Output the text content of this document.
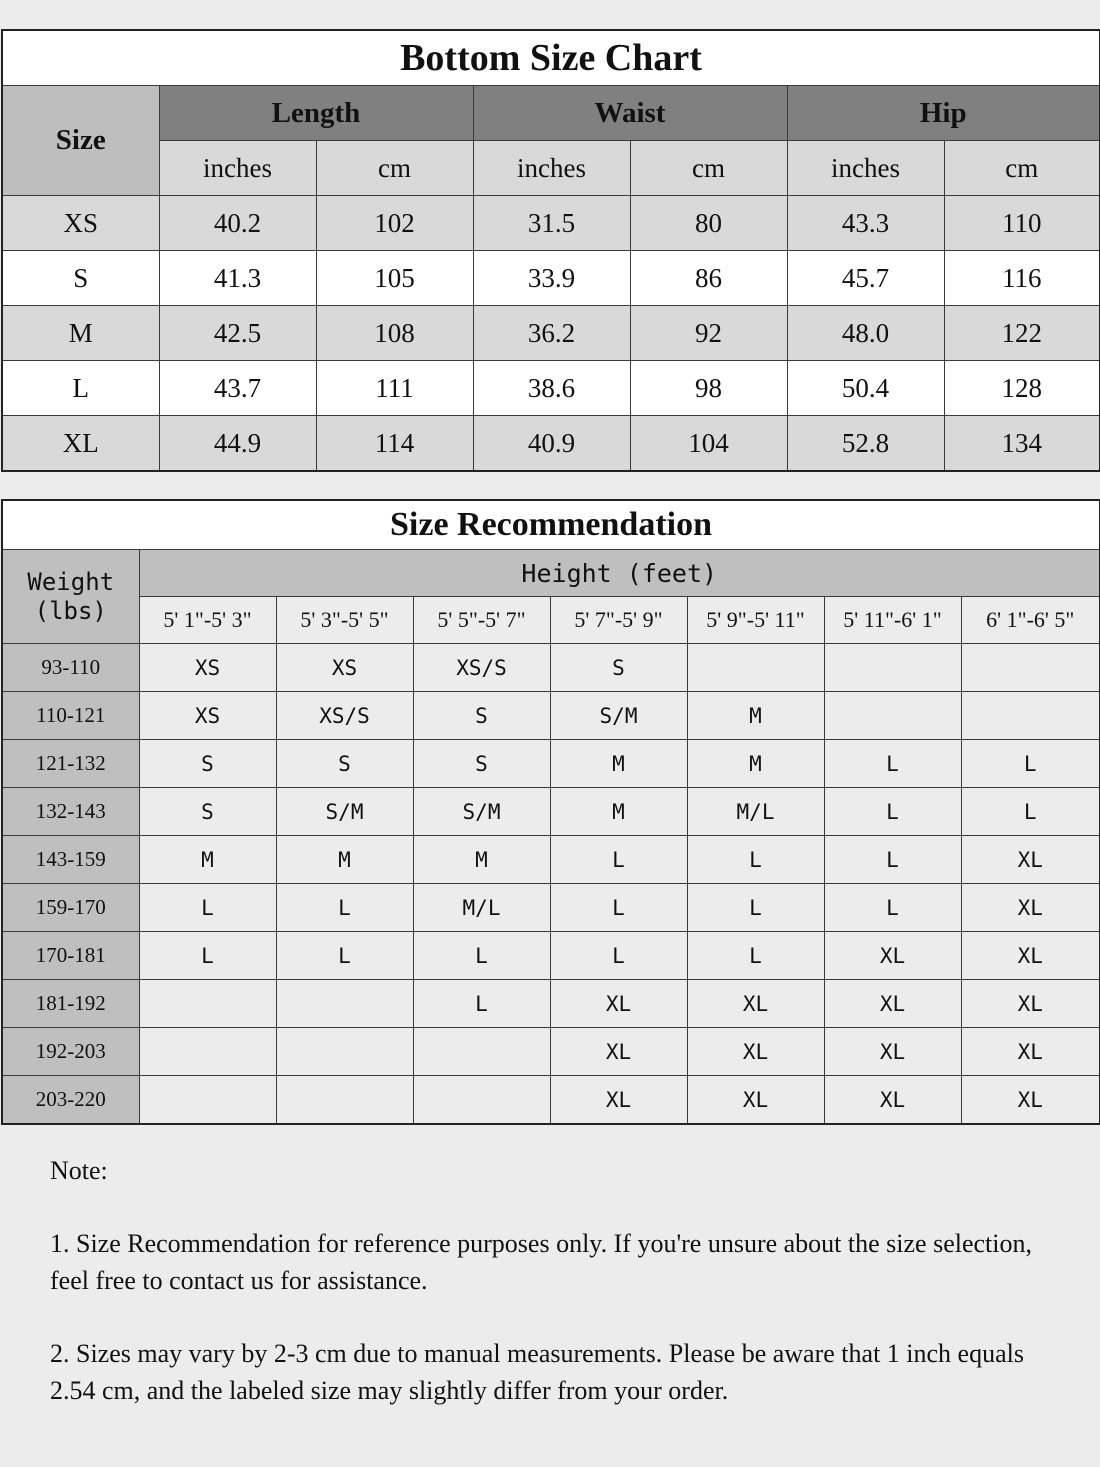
Bottom Size Chart						
Size	Length		Waist		Hip	
	inches	cm	inches	cm	inches	cm
XS	40.2	102	31.5	80	43.3	110
S	41.3	105	33.9	86	45.7	116
M	42.5	108	36.2	92	48.0	122
L	43.7	111	38.6	98	50.4	128
XL	44.9	114	40.9	104	52.8	134
Size Recommendation							
Weight
(lbs)	Height (feet)						
	5' 1"-5' 3"	5' 3"-5' 5"	5' 5"-5' 7"	5' 7"-5' 9"	5' 9"-5' 11"	5' 11"-6' 1"	6' 1"-6' 5"
93-110	XS	XS	XS/S	S			
110-121	XS	XS/S	S	S/M	M		
121-132	S	S	S	M	M	L	L
132-143	S	S/M	S/M	M	M/L	L	L
143-159	M	M	M	L	L	L	XL
159-170	L	L	M/L	L	L	L	XL
170-181	L	L	L	L	L	XL	XL
181-192			L	XL	XL	XL	XL
192-203				XL	XL	XL	XL
203-220				XL	XL	XL	XL

Note:

1. Size Recommendation for reference purposes only. If you're unsure about the size selection, feel free to contact us for assistance.

2. Sizes may vary by 2-3 cm due to manual measurements. Please be aware that 1 inch equals 2.54 cm, and the labeled size may slightly differ from your order.
